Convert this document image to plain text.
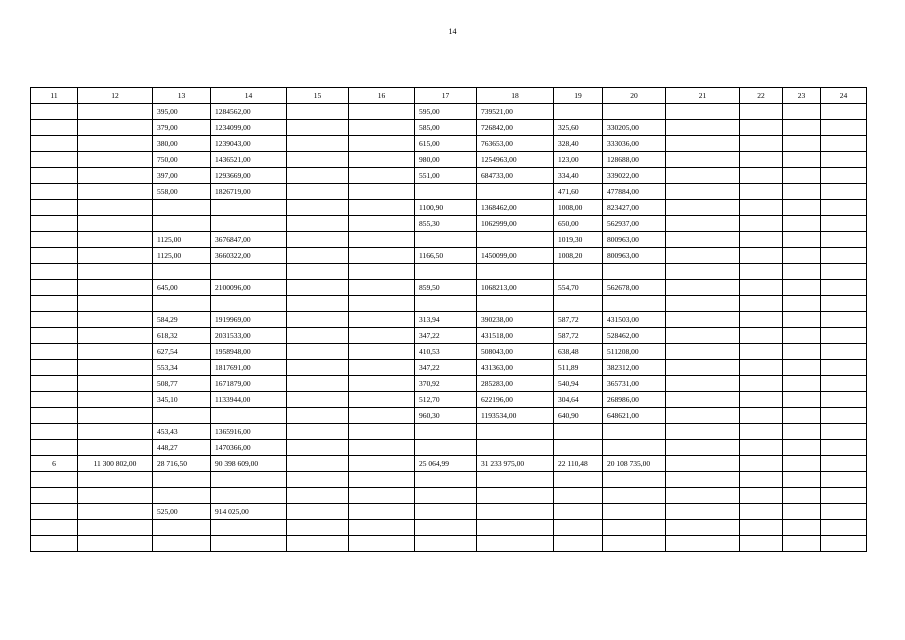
14
11	12	13	14	15	16	17	18	19	20	21	22	23	24
		395,00	1284562,00			595,00	739521,00						
		379,00	1234099,00			585,00	726842,00	325,60	330205,00				
		380,00	1239043,00			615,00	763653,00	328,40	333036,00				
		750,00	1436521,00			980,00	1254963,00	123,00	128688,00				
		397,00	1293669,00			551,00	684733,00	334,40	339022,00				
		558,00	1826719,00					471,60	477884,00				
						1100,90	1368462,00	1008,00	823427,00				
						855,30	1062999,00	650,00	562937,00				
		1125,00	3676847,00					1019,30	800963,00				
		1125,00	3660322,00			1166,50	1450099,00	1008,20	800963,00				

		645,00	2100096,00			859,50	1068213,00	554,70	562678,00				

		584,29	1919969,00			313,94	390238,00	587,72	431503,00				
		618,32	2031533,00			347,22	431518,00	587,72	528462,00				
		627,54	1958948,00			410,53	508043,00	638,48	511208,00				
		553,34	1817691,00			347,22	431363,00	511,89	382312,00				
		508,77	1671879,00			370,92	285283,00	540,94	365731,00				
		345,10	1133944,00			512,70	622196,00	304,64	268986,00				
						960,30	1193534,00	640,90	648621,00				
		453,43	1365916,00										
		448,27	1470366,00										
6	11 300 802,00	28 716,50	90 398 609,00			25 064,99	31 233 975,00	22 110,48	20 108 735,00				

		525,00	914 025,00										
